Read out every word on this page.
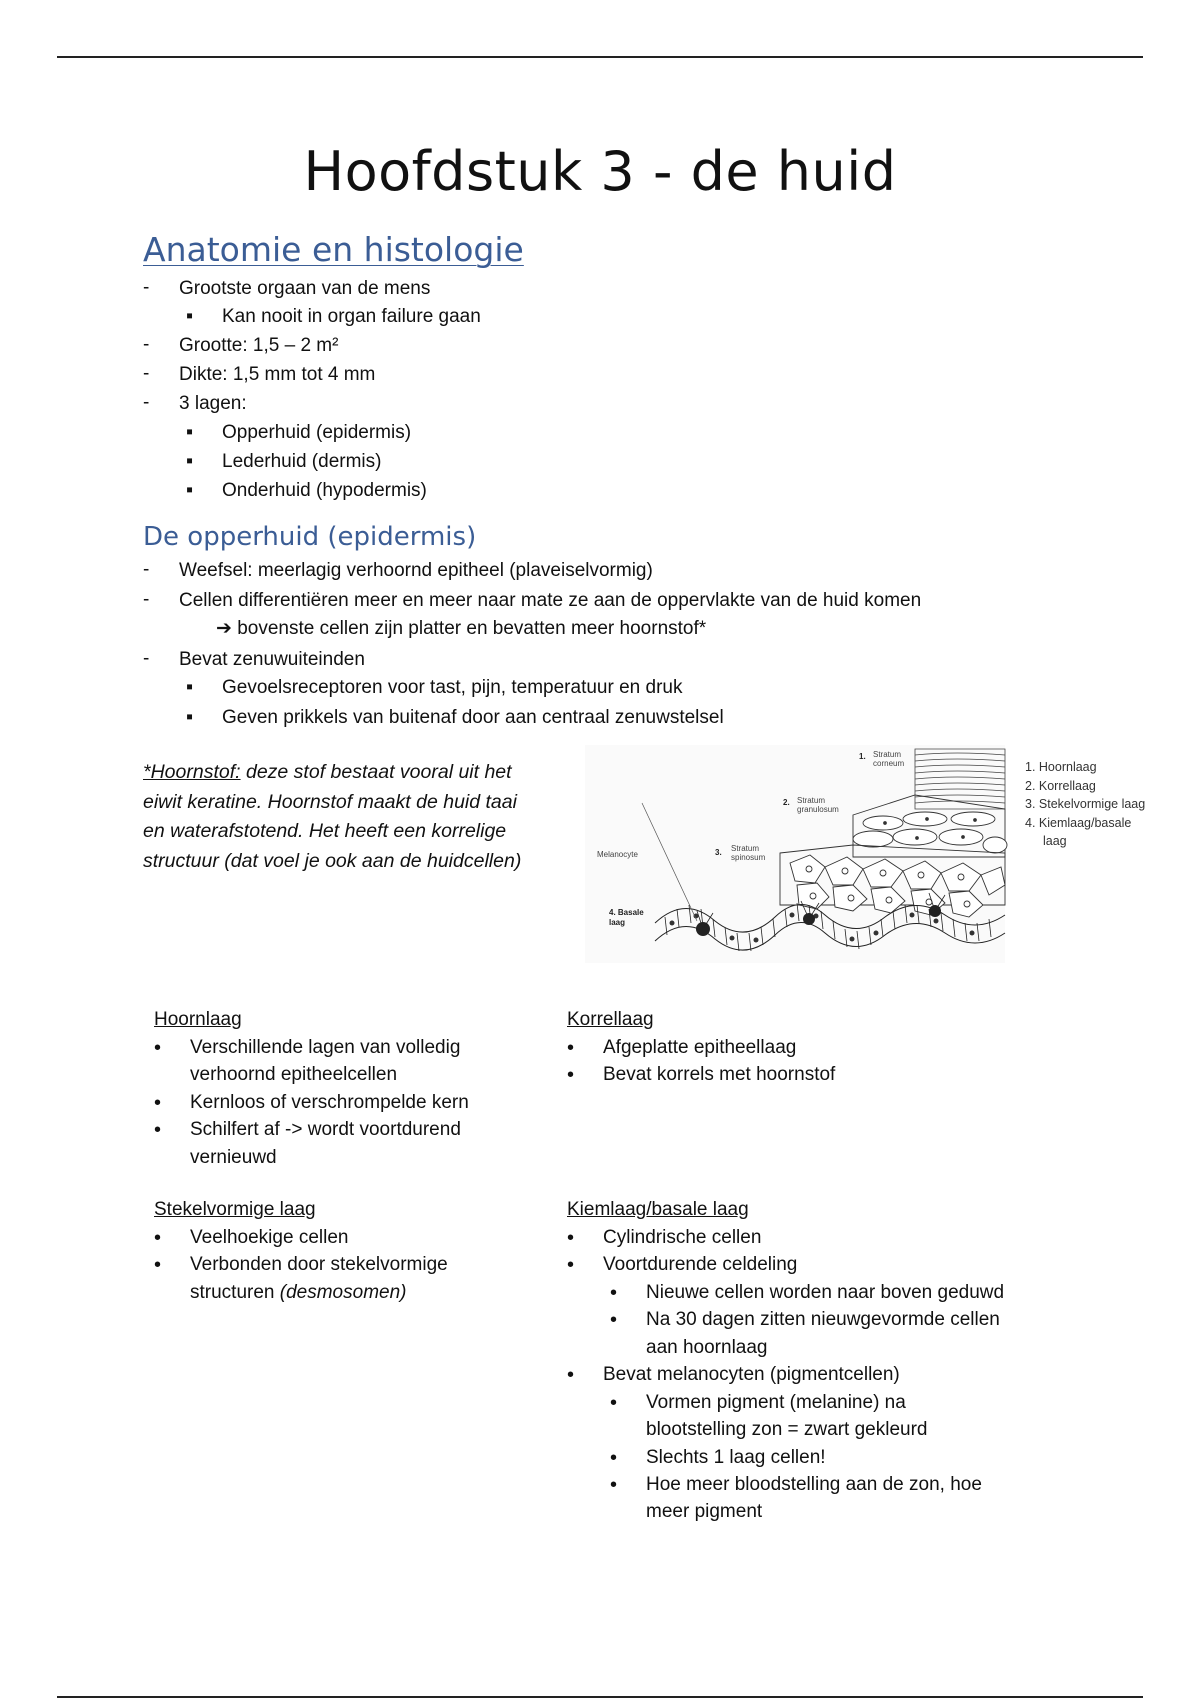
Hoofdstuk 3 - de huid
Anatomie en histologie
- Grootste orgaan van de mens
▪ Kan nooit in organ failure gaan
- Grootte: 1,5 – 2 m²
- Dikte: 1,5 mm tot 4 mm
- 3 lagen:
▪ Opperhuid (epidermis)
▪ Lederhuid (dermis)
▪ Onderhuid (hypodermis)
De opperhuid (epidermis)
- Weefsel: meerlagig verhoornd epitheel (plaveiselvormig)
- Cellen differentiëren meer en meer naar mate ze aan de oppervlakte van de huid komen
➔ bovenste cellen zijn platter en bevatten meer hoornstof*
- Bevat zenuwuiteinden
▪ Gevoelsreceptoren voor tast, pijn, temperatuur en druk
▪ Geven prikkels van buitenaf door aan centraal zenuwstelsel
*Hoornstof: deze stof bestaat vooral uit het
eiwit keratine. Hoornstof maakt de huid taai
en waterafstotend. Het heeft een korrelige
structuur (dat voel je ook aan de huidcellen)
1. Stratum
corneum
2. Stratum
granulosum
3. Stratum
spinosum
Melanocyte
4. Basale
laag
1. Hoornlaag
2. Korrellaag
3. Stekelvormige laag
4. Kiemlaag/basale
laag
Hoornlaag
• Verschillende lagen van volledig
verhoornd epitheelcellen
• Kernloos of verschrompelde kern
• Schilfert af -> wordt voortdurend
vernieuwd
Korrellaag
• Afgeplatte epitheellaag
• Bevat korrels met hoornstof
Stekelvormige laag
• Veelhoekige cellen
• Verbonden door stekelvormige
structuren (desmosomen)
Kiemlaag/basale laag
• Cylindrische cellen
• Voortdurende celdeling
• Nieuwe cellen worden naar boven geduwd
• Na 30 dagen zitten nieuwgevormde cellen
aan hoornlaag
• Bevat melanocyten (pigmentcellen)
• Vormen pigment (melanine) na
blootstelling zon = zwart gekleurd
• Slechts 1 laag cellen!
• Hoe meer bloodstelling aan de zon, hoe
meer pigment
